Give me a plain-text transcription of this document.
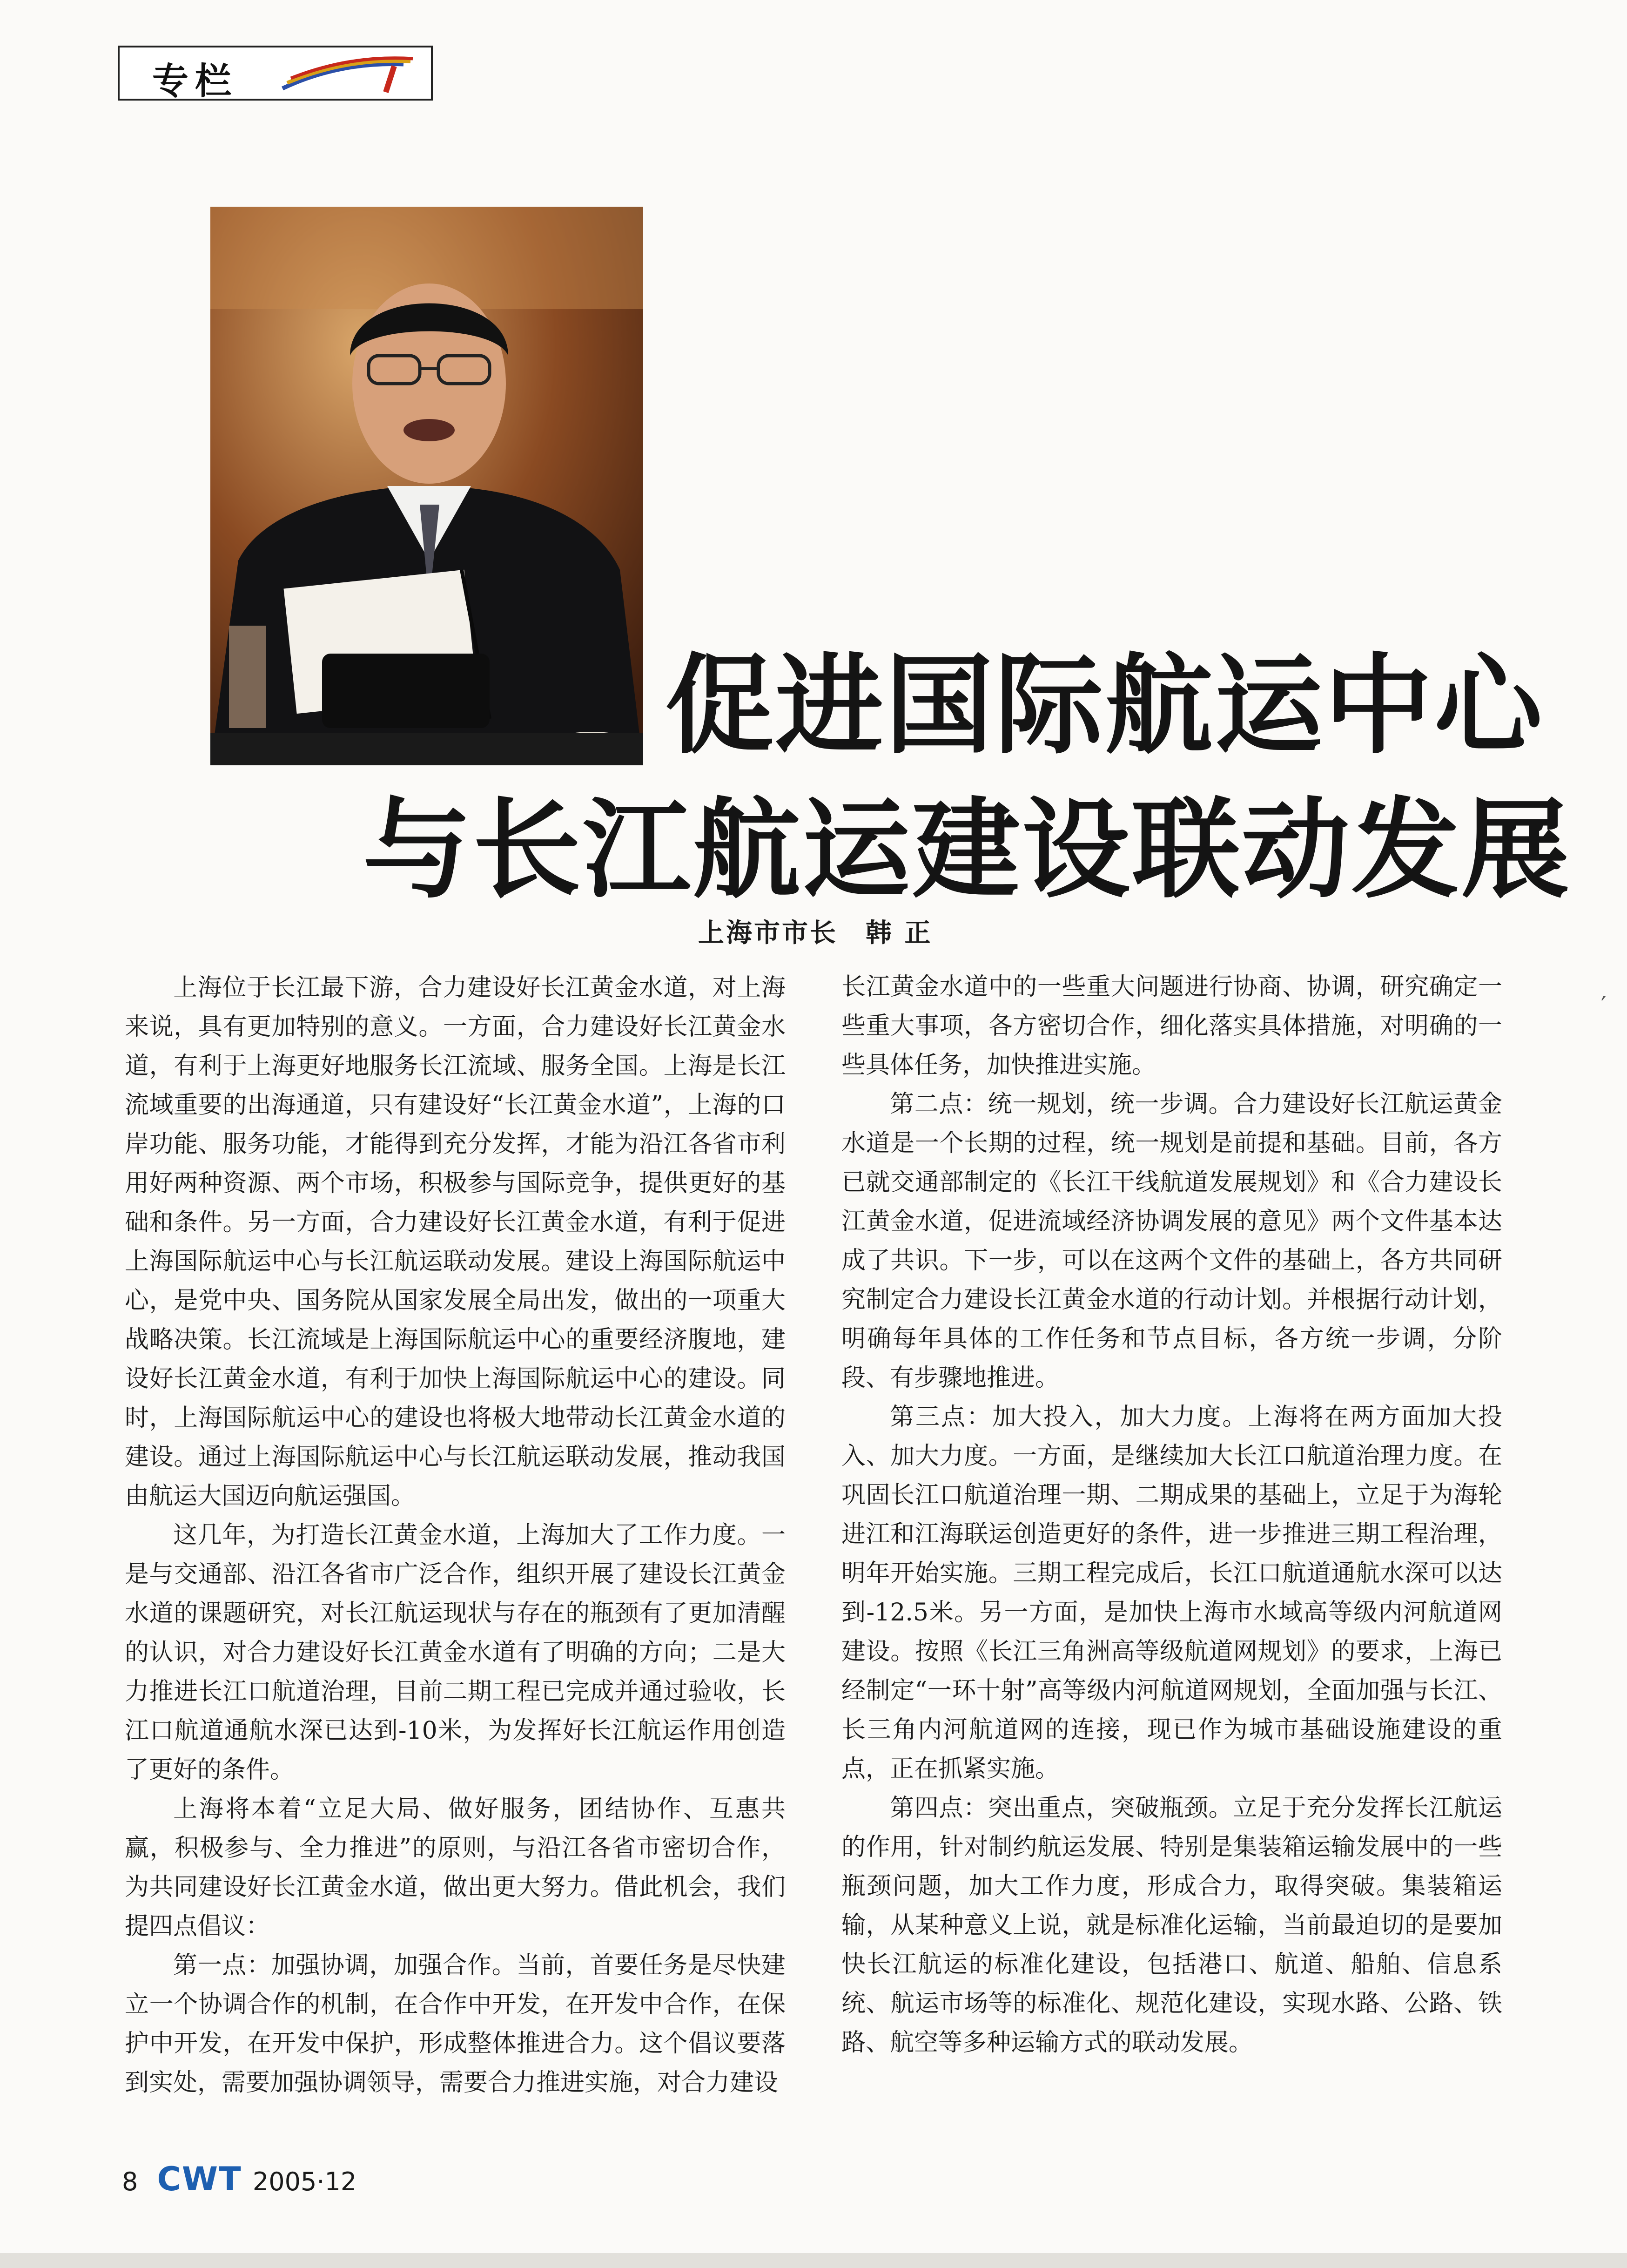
专栏
促进国际航运中心
与长江航运建设联动发展
上海市市长　韩 正

上海位于长江最下游，合力建设好长江黄金水道，对上海来说，具有更加特别的意义。一方面，合力建设好长江黄金水道，有利于上海更好地服务长江流域、服务全国。上海是长江流域重要的出海通道，只有建设好“长江黄金水道”，上海的口岸功能、服务功能，才能得到充分发挥，才能为沿江各省市利用好两种资源、两个市场，积极参与国际竞争，提供更好的基础和条件。另一方面，合力建设好长江黄金水道，有利于促进上海国际航运中心与长江航运联动发展。建设上海国际航运中心，是党中央、国务院从国家发展全局出发，做出的一项重大战略决策。长江流域是上海国际航运中心的重要经济腹地，建设好长江黄金水道，有利于加快上海国际航运中心的建设。同时，上海国际航运中心的建设也将极大地带动长江黄金水道的建设。通过上海国际航运中心与长江航运联动发展，推动我国由航运大国迈向航运强国。

这几年，为打造长江黄金水道，上海加大了工作力度。一是与交通部、沿江各省市广泛合作，组织开展了建设长江黄金水道的课题研究，对长江航运现状与存在的瓶颈有了更加清醒的认识，对合力建设好长江黄金水道有了明确的方向；二是大力推进长江口航道治理，目前二期工程已完成并通过验收，长江口航道通航水深已达到-10米，为发挥好长江航运作用创造了更好的条件。

上海将本着“立足大局、做好服务，团结协作、互惠共赢，积极参与、全力推进”的原则，与沿江各省市密切合作，为共同建设好长江黄金水道，做出更大努力。借此机会，我们提四点倡议：

第一点：加强协调，加强合作。当前，首要任务是尽快建立一个协调合作的机制，在合作中开发，在开发中合作，在保护中开发，在开发中保护，形成整体推进合力。这个倡议要落到实处，需要加强协调领导，需要合力推进实施，对合力建设

长江黄金水道中的一些重大问题进行协商、协调，研究确定一些重大事项，各方密切合作，细化落实具体措施，对明确的一些具体任务，加快推进实施。

第二点：统一规划，统一步调。合力建设好长江航运黄金水道是一个长期的过程，统一规划是前提和基础。目前，各方已就交通部制定的《长江干线航道发展规划》和《合力建设长江黄金水道，促进流域经济协调发展的意见》两个文件基本达成了共识。下一步，可以在这两个文件的基础上，各方共同研究制定合力建设长江黄金水道的行动计划。并根据行动计划，明确每年具体的工作任务和节点目标，各方统一步调，分阶段、有步骤地推进。

第三点：加大投入，加大力度。上海将在两方面加大投入、加大力度。一方面，是继续加大长江口航道治理力度。在巩固长江口航道治理一期、二期成果的基础上，立足于为海轮进江和江海联运创造更好的条件，进一步推进三期工程治理，明年开始实施。三期工程完成后，长江口航道通航水深可以达到-12.5米。另一方面，是加快上海市水域高等级内河航道网建设。按照《长江三角洲高等级航道网规划》的要求，上海已经制定“一环十射”高等级内河航道网规划，全面加强与长江、长三角内河航道网的连接，现已作为城市基础设施建设的重点，正在抓紧实施。

第四点：突出重点，突破瓶颈。立足于充分发挥长江航运的作用，针对制约航运发展、特别是集装箱运输发展中的一些瓶颈问题，加大工作力度，形成合力，取得突破。集装箱运输，从某种意义上说，就是标准化运输，当前最迫切的是要加快长江航运的标准化建设，包括港口、航道、船舶、信息系统、航运市场等的标准化、规范化建设，实现水路、公路、铁路、航空等多种运输方式的联动发展。

′
8 CWT 2005·12
